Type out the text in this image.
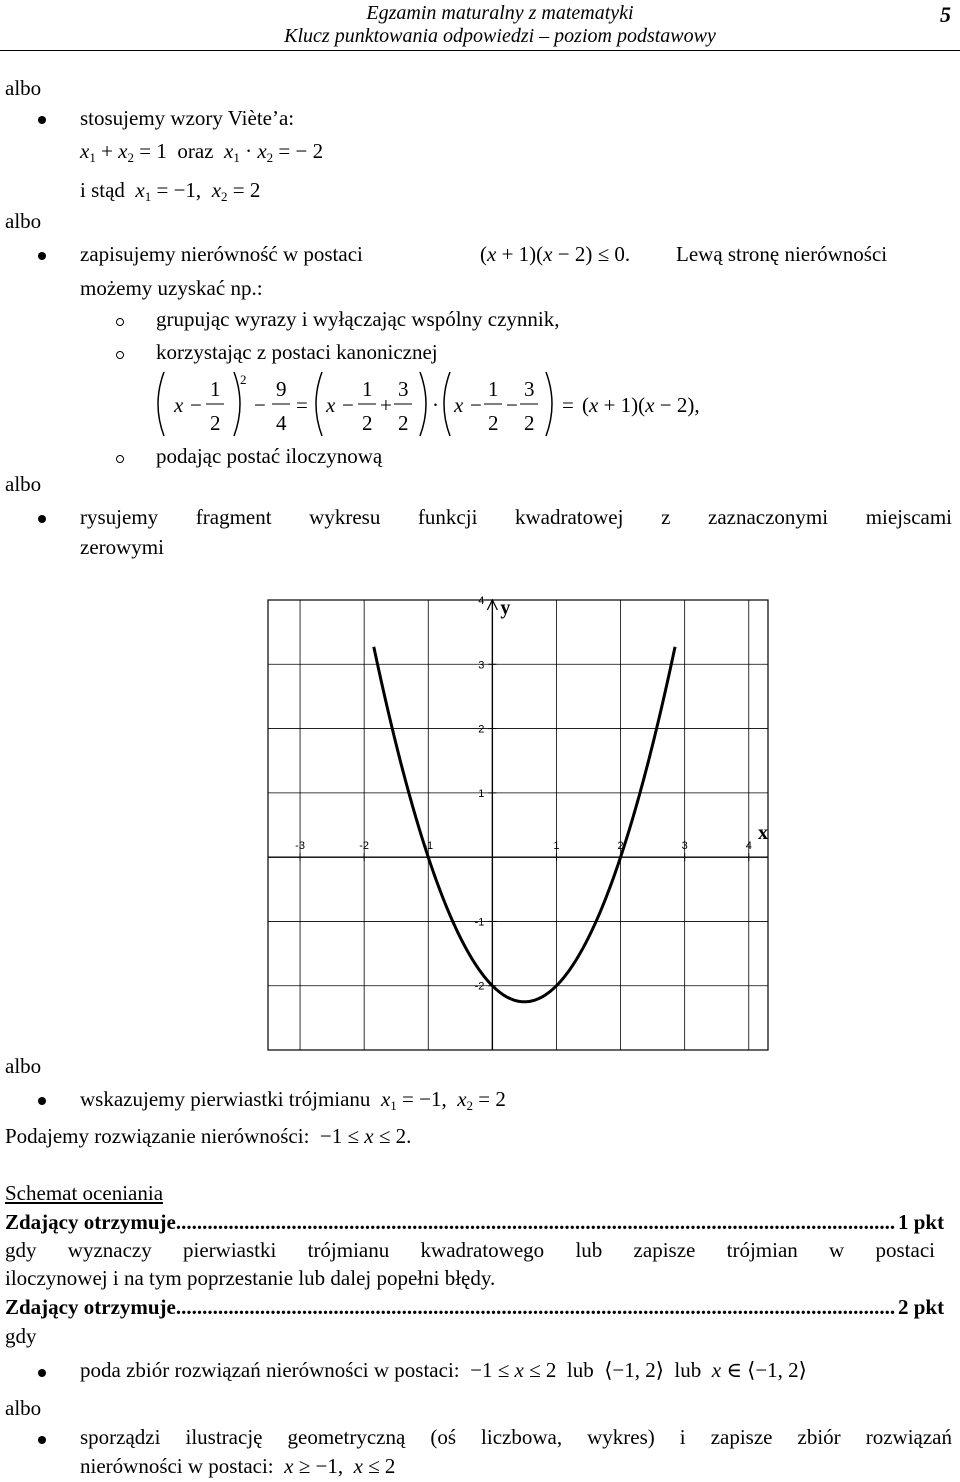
Egzamin maturalny z matematyki
Klucz punktowania odpowiedzi – poziom podstawowy
5
albo
stosujemy wzory Viète’a:
$x_1 + x_2 = 1$  oraz  $x_1 \cdot x_2$ = − 2
i stąd  $x_1 = -1$,  $x_2 = 2$
albo
zapisujemy nierówność w postaci	(x + 1)(x − 2) ≤ 0. Lewą stronę nierówności
możemy uzyskać np.:
grupując wyrazy i wyłączając wspólny czynnik,
korzystając z postaci kanonicznej
x −
1
2
2
−
9
4
= x −
1
2
+
3
2
· x −
1
2
−
3
2
= (x + 1)(x − 2),
podając postać iloczynową
albo
rysujemy fragment wykresu funkcji kwadratowej z zaznaczonymi miejscami
zerowymi
-3	-2	-1	1	2	3	4
-2
-1
1
2
3
4
x
y
albo
wskazujemy pierwiastki trójmianu  $x_1 = -1$,  $x_2 = 2$
Podajemy rozwiązanie nierówności:  −1 ≤ x ≤ 2.
Schemat oceniania
Zdający otrzymuje......................................................................................................................................... 1 pkt
gdy wyznaczy pierwiastki trójmianu kwadratowego lub zapisze trójmian w postaci
iloczynowej i na tym poprzestanie lub dalej popełni błędy.
Zdający otrzymuje......................................................................................................................................... 2 pkt
gdy
poda zbiór rozwiązań nierówności w postaci:  −1 ≤ x ≤ 2  lub  ⟨−1, 2⟩  lub  x ∈ ⟨−1, 2⟩
albo
sporządzi ilustrację geometryczną (oś liczbowa, wykres) i zapisze zbiór rozwiązań
nierówności w postaci:  x ≥ −1,  x ≤ 2
